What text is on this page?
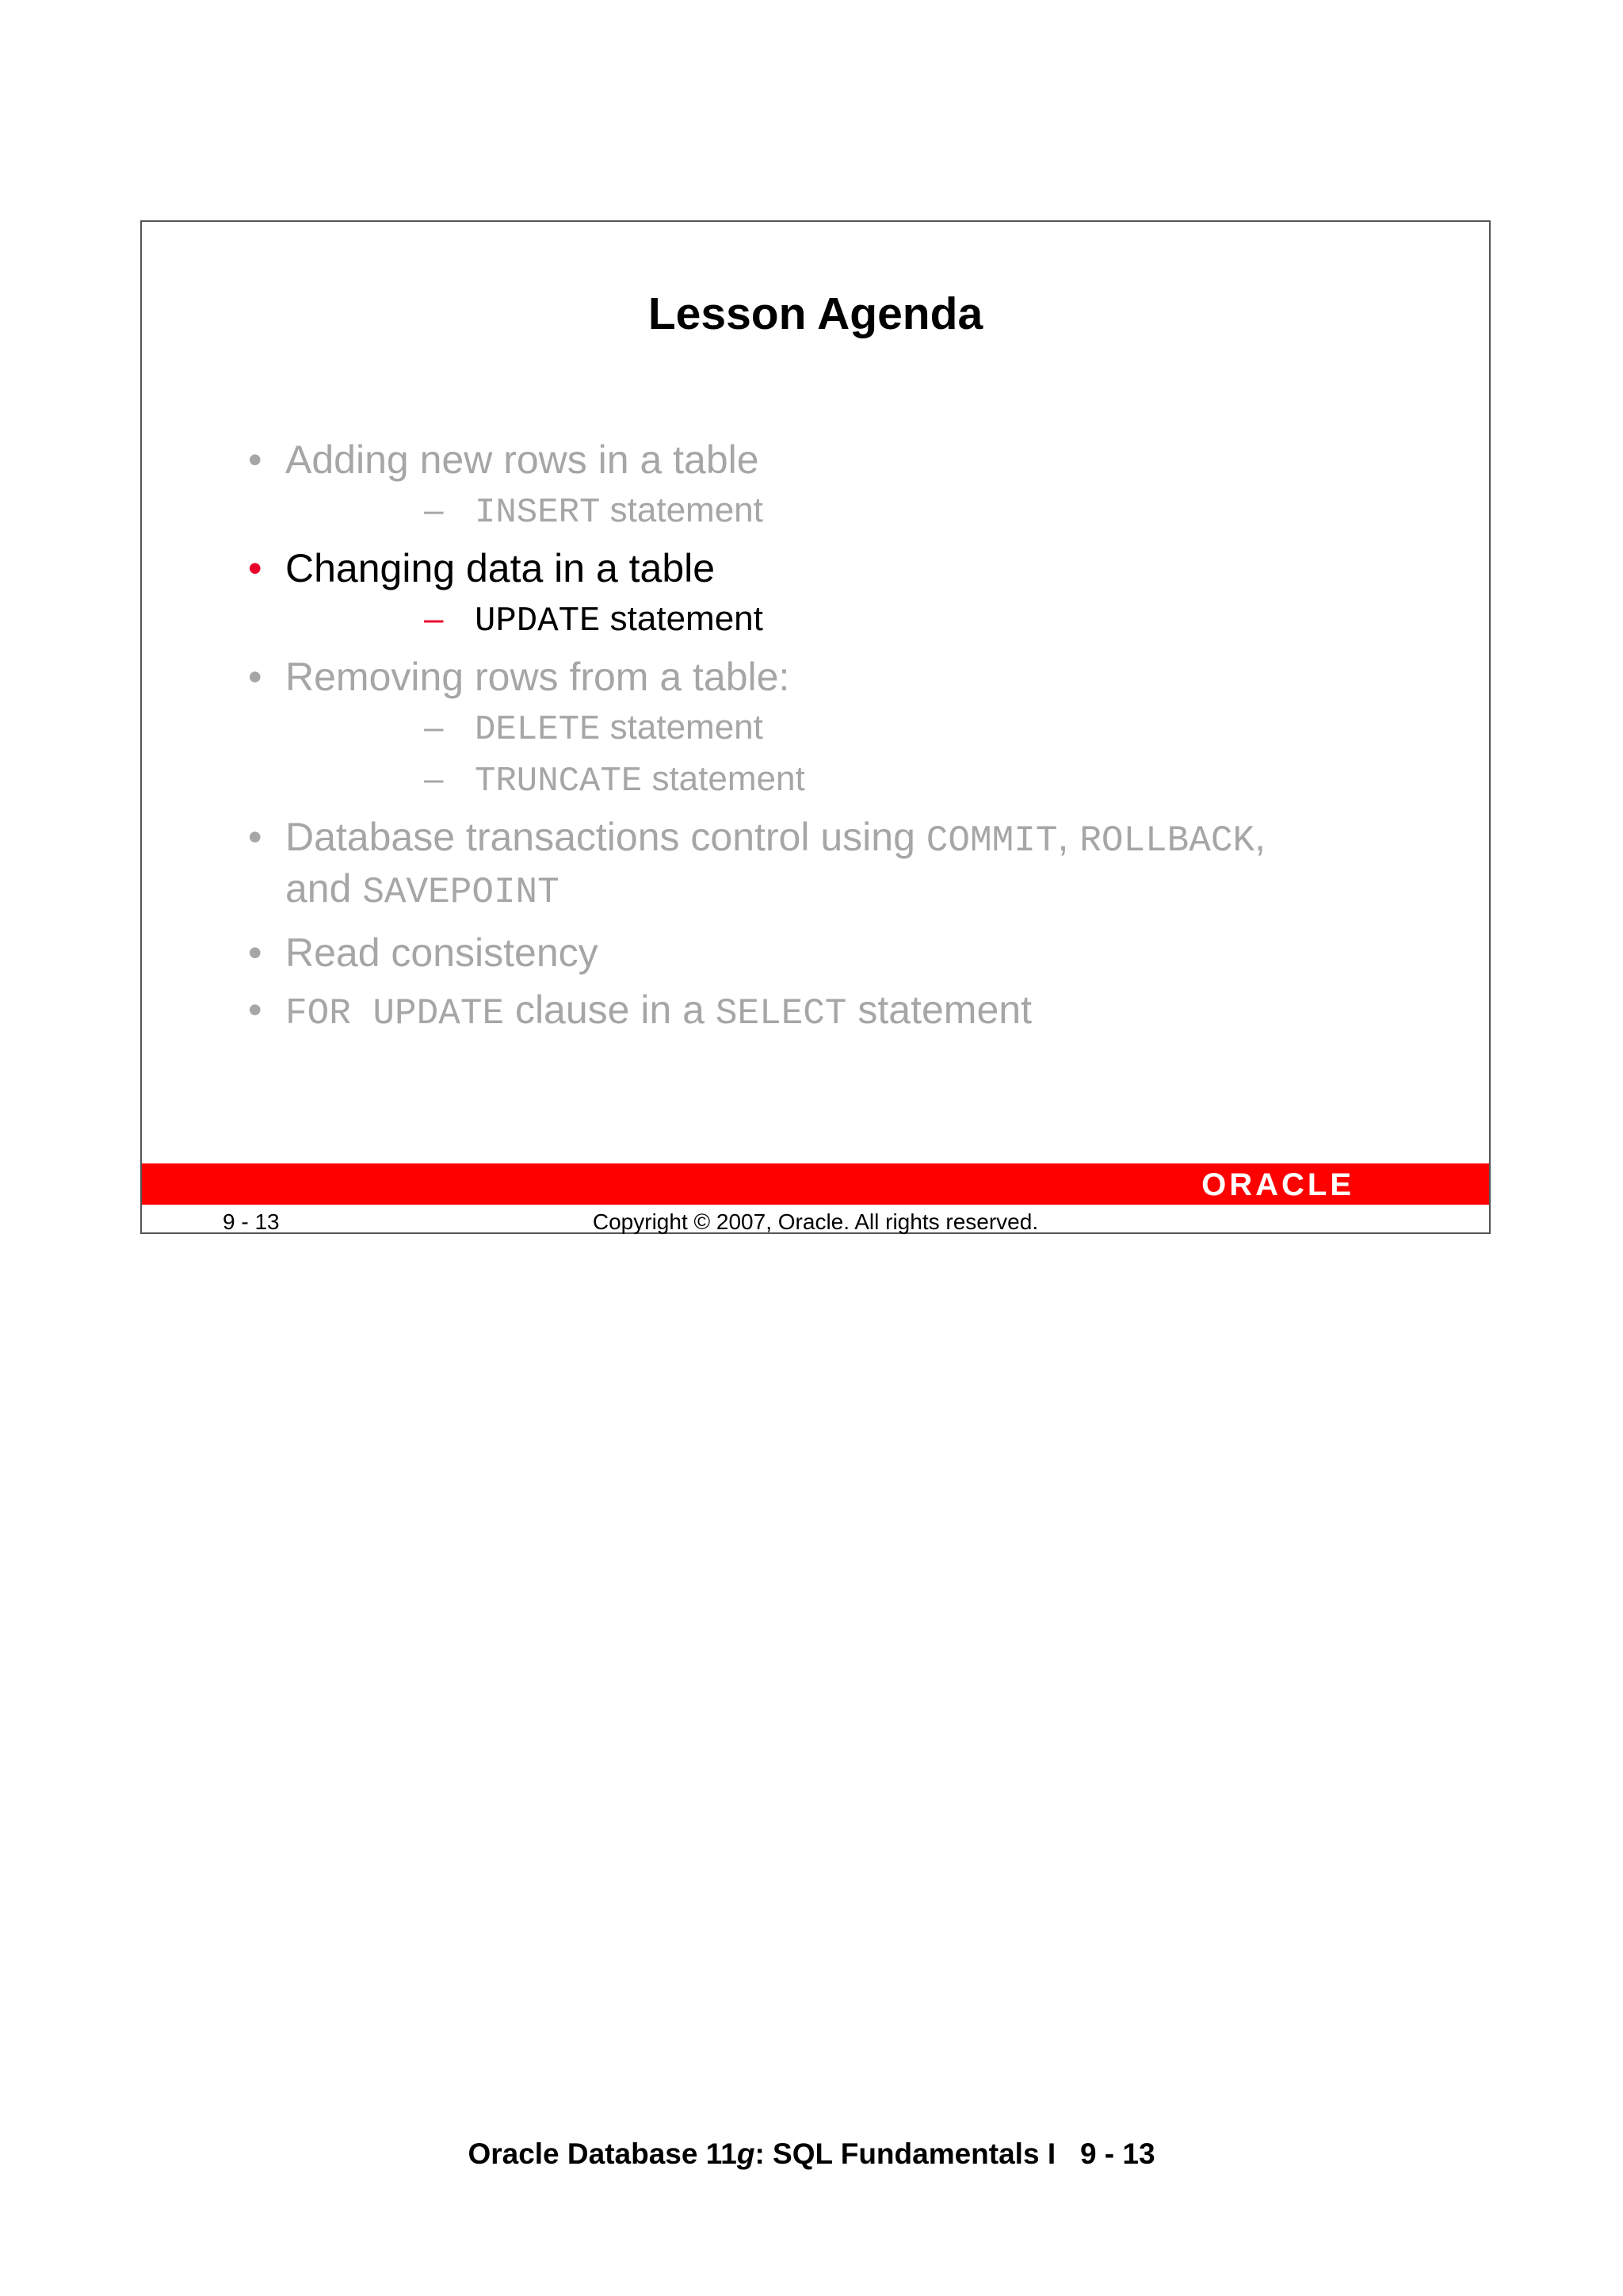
Lesson Agenda
• Adding new rows in a table
– INSERT statement
• Changing data in a table
– UPDATE statement
• Removing rows from a table:
– DELETE statement
– TRUNCATE statement
• Database transactions control using COMMIT, ROLLBACK,
and SAVEPOINT
• Read consistency
• FOR UPDATE clause in a SELECT statement
ORACLE
9 - 13	Copyright © 2007, Oracle. All rights reserved.
Oracle Database 11g: SQL Fundamentals I   9 - 13
